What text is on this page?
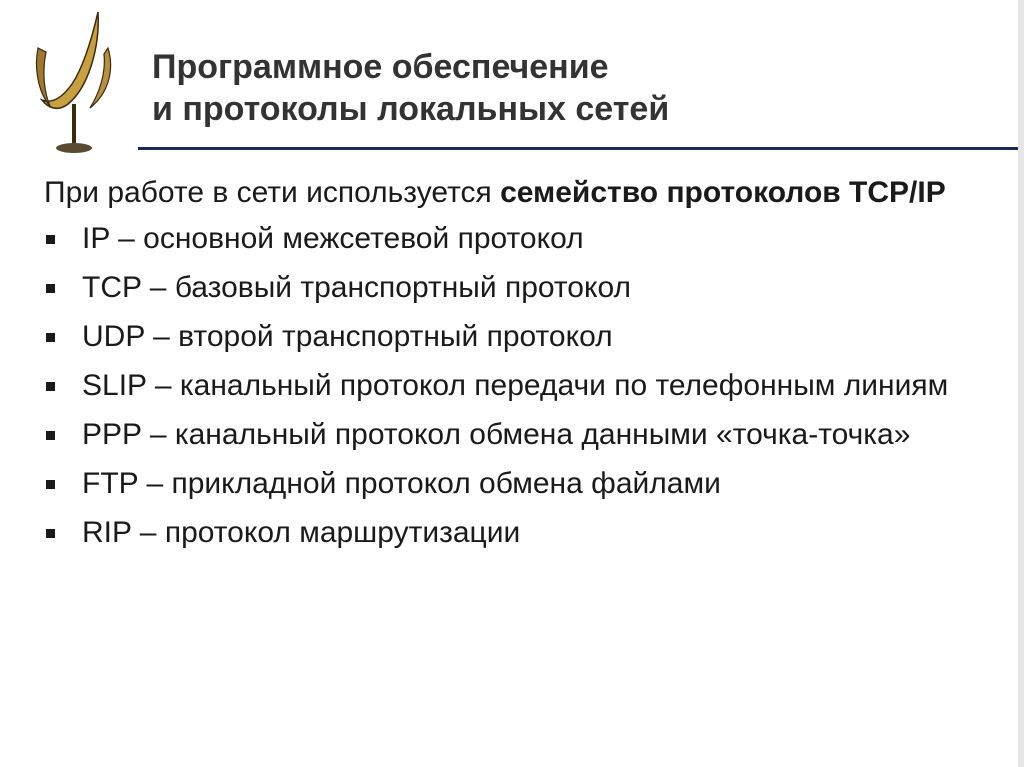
Программное обеспечение
и протоколы локальных сетей

При работе в сети используется семейство протоколов TCP/IP

IP – основной межсетевой протокол
TCP – базовый транспортный протокол
UDP – второй транспортный протокол
SLIP – канальный протокол передачи по телефонным линиям
PPP – канальный протокол обмена данными «точка-точка»
FTP – прикладной протокол обмена файлами
RIP – протокол маршрутизации
